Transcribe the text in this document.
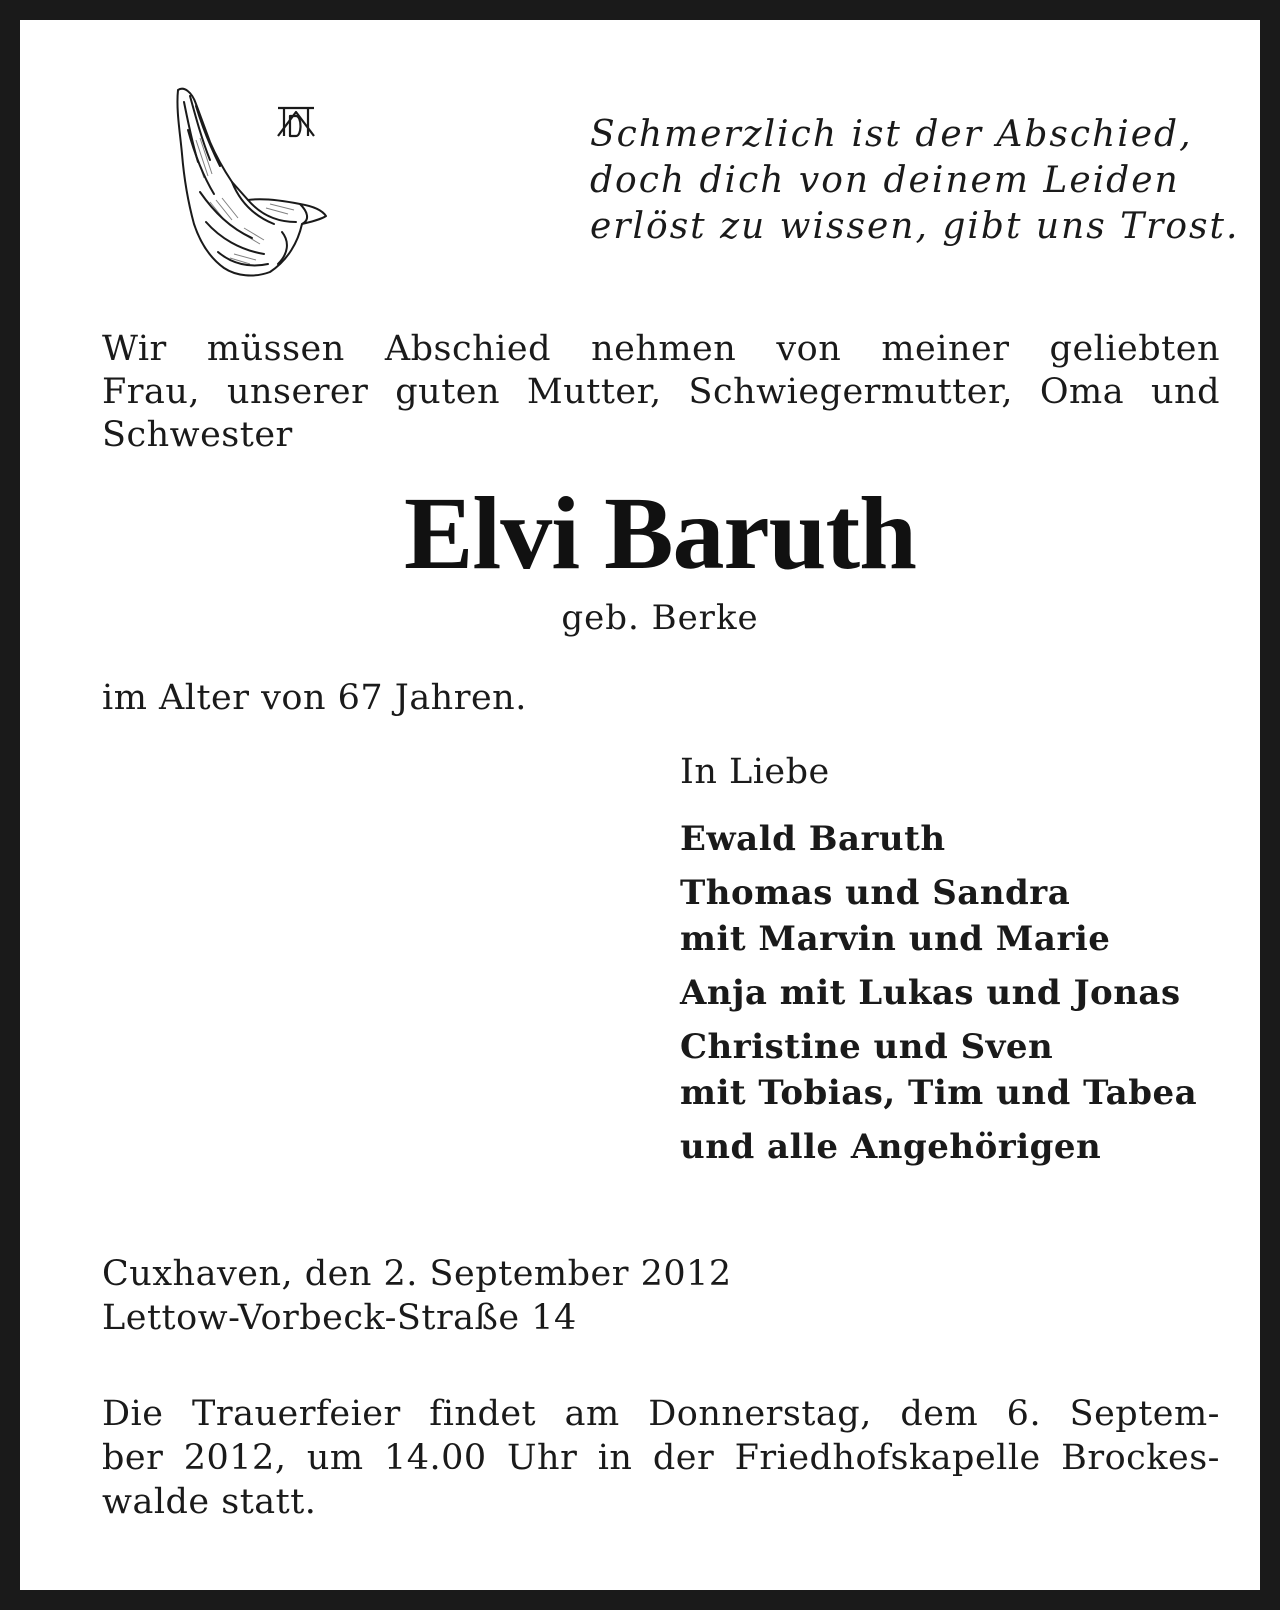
Schmerzlich ist der Abschied,
doch dich von deinem Leiden
erlöst zu wissen, gibt uns Trost.
Wir müssen Abschied nehmen von meiner geliebten
Frau, unserer guten Mutter, Schwiegermutter, Oma und
Schwester
Elvi Baruth
geb. Berke
im Alter von 67 Jahren.
In Liebe
Ewald Baruth
Thomas und Sandra
mit Marvin und Marie
Anja mit Lukas und Jonas
Christine und Sven
mit Tobias, Tim und Tabea
und alle Angehörigen
Cuxhaven, den 2. September 2012
Lettow-Vorbeck-Straße 14
Die Trauerfeier findet am Donnerstag, dem 6. Septem-
ber 2012, um 14.00 Uhr in der Friedhofskapelle Brockes-
walde statt.
